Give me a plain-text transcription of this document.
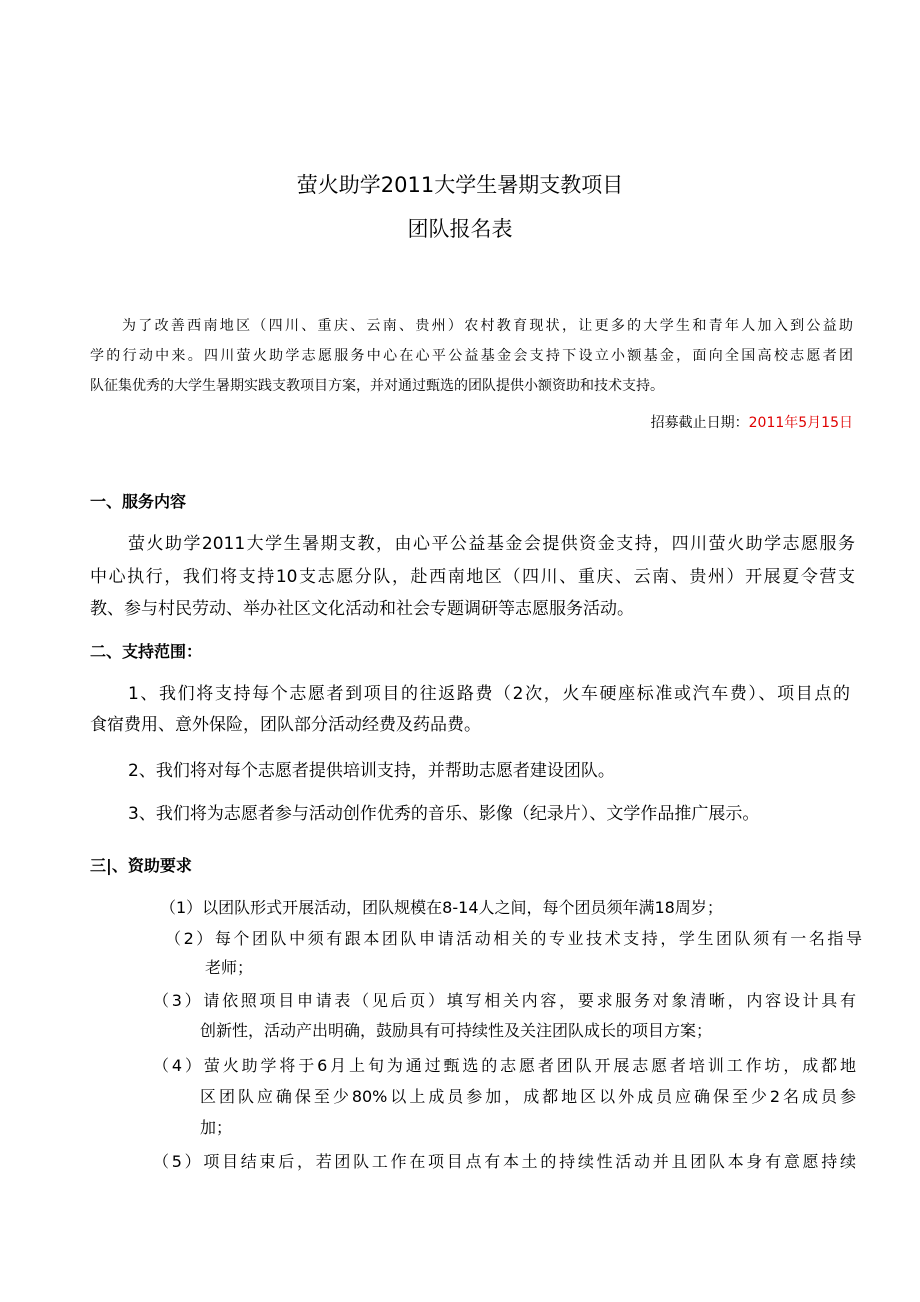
萤火助学2011大学生暑期支教项目
团队报名表
为了改善西南地区（四川、重庆、云南、贵州）农村教育现状，让更多的大学生和青年人加入到公益助
学的行动中来。四川萤火助学志愿服务中心在心平公益基金会支持下设立小额基金，面向全国高校志愿者团
队征集优秀的大学生暑期实践支教项目方案，并对通过甄选的团队提供小额资助和技术支持。
招募截止日期：2011年5月15日
一、服务内容
萤火助学2011大学生暑期支教，由心平公益基金会提供资金支持，四川萤火助学志愿服务
中心执行，我们将支持10支志愿分队，赴西南地区（四川、重庆、云南、贵州）开展夏令营支
教、参与村民劳动、举办社区文化活动和社会专题调研等志愿服务活动。
二、支持范围：
1、我们将支持每个志愿者到项目的往返路费（2次，火车硬座标准或汽车费）、项目点的
食宿费用、意外保险，团队部分活动经费及药品费。
2、我们将对每个志愿者提供培训支持，并帮助志愿者建设团队。
3、我们将为志愿者参与活动创作优秀的音乐、影像（纪录片）、文学作品推广展示。
三|、资助要求
（1）以团队形式开展活动，团队规模在8-14人之间，每个团员须年满18周岁；
（2）每个团队中须有跟本团队申请活动相关的专业技术支持，学生团队须有一名指导
老师；
（3）请依照项目申请表（见后页）填写相关内容，要求服务对象清晰，内容设计具有
创新性，活动产出明确，鼓励具有可持续性及关注团队成长的项目方案；
（4）萤火助学将于6月上旬为通过甄选的志愿者团队开展志愿者培训工作坊，成都地
区团队应确保至少80%以上成员参加，成都地区以外成员应确保至少2名成员参
加；
（5）项目结束后，若团队工作在项目点有本土的持续性活动并且团队本身有意愿持续
